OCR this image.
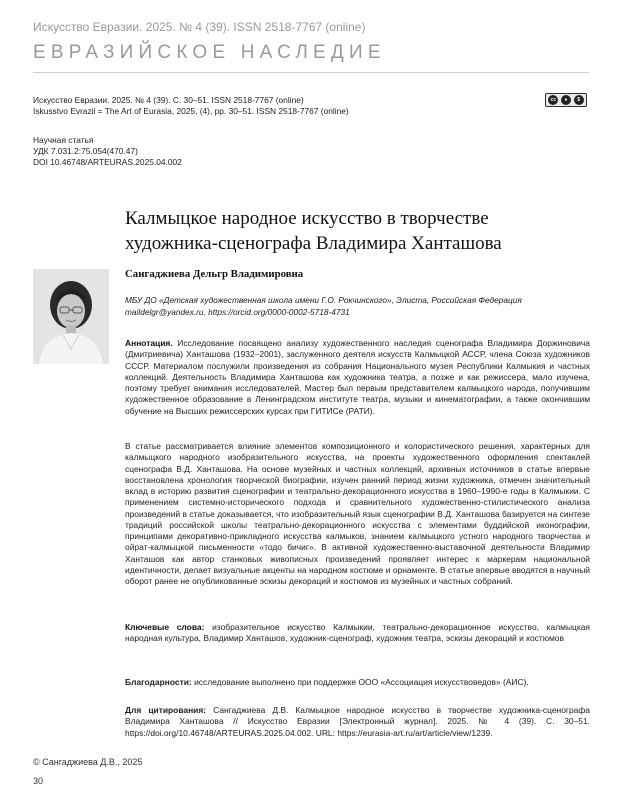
Искусство Евразии. 2025. № 4 (39). ISSN 2518-7767 (online)
ЕВРАЗИЙСКОЕ НАСЛЕДИЕ
Искусство Евразии. 2025. № 4 (39). С. 30–51. ISSN 2518-7767 (online)
Iskusstvo Evrazii = The Art of Eurasia, 2025, (4), pp. 30–51. ISSN 2518-7767 (online)
cc	●	$
Научная статья
УДК 7.031.2:75.054(470.47)
DOI 10.46748/ARTEURAS.2025.04.002
Калмыцкое народное искусство в творчестве
художника-сценографа Владимира Ханташова
Сангаджиева Дельгр Владимировна
МБУ ДО «Детская художественная школа имени Г.О. Рокчинского», Элиста, Российская Федерация
maildelgr@yandex.ru, https://orcid.org/0000-0002-5718-4731

Аннотация. Исследование посвящено анализу художественного наследия сценографа Владимира Доржиновича (Дмитриевича) Ханташова (1932–2001), заслуженного деятеля искусств Калмыцкой АССР, члена Союза художников СССР. Материалом послужили произведения из собрания Национального музея Республики Калмыкия и частных коллекций. Деятельность Владимира Ханташова как художника театра, а позже и как режиссера, мало изучена, поэтому требует внимания исследователей. Мастер был первым представителем калмыцкого народа, получившим художественное образование в Ленинградском институте театра, музыки и кинематографии, а также окончившим обучение на Высших режиссерских курсах при ГИТИСе (РАТИ).

В статье рассматривается влияние элементов композиционного и колористического решения, характерных для калмыцкого народного изобразительного искусства, на проекты художественного оформления спектаклей сценографа В.Д. Ханташова. На основе музейных и частных коллекций, архивных источников в статье впервые восстановлена хронология творческой биографии, изучен ранний период жизни художника, отмечен значительный вклад в историю развития сценографии и театрально-декорационного искусства в 1960–1990-е годы в Калмыкии. С применением системно-исторического подхода и сравнительного художественно-стилистического анализа произведений в статье доказывается, что изобразительный язык сценографии В.Д. Ханташова базируется на синтезе традиций российской школы театрально-декорационного искусства с элементами буддийской иконографии, принципами декоративно-прикладного искусства калмыков, знанием калмыцкого устного народного творчества и ойрат-калмыцкой письменности «тодо бичиг». В активной художественно-выставочной деятельности Владимир Ханташов как автор станковых живописных произведений проявляет интерес к маркерам национальной идентичности, делает визуальные акценты на народном костюме и орнаменте. В статье впервые вводятся в научный оборот ранее не опубликованные эскизы декораций и костюмов из музейных и частных собраний.

Ключевые слова: изобразительное искусство Калмыкии, театрально-декорационное искусство, калмыцкая народная культура, Владимир Ханташов, художник-сценограф, художник театра, эскизы декораций и костюмов

Благодарности: исследование выполнено при поддержке ООО «Ассоциация искусствоведов» (АИС).

Для цитирования: Сангаджиева Д.В. Калмыцкое народное искусство в творчестве художника-сценографа Владимира Ханташова // Искусство Евразии [Электронный журнал]. 2025. № 4 (39). С. 30–51. https://doi.org/10.46748/ARTEURAS.2025.04.002. URL: https://eurasia-art.ru/art/article/view/1239.

© Сангаджиева Д.В., 2025
30
